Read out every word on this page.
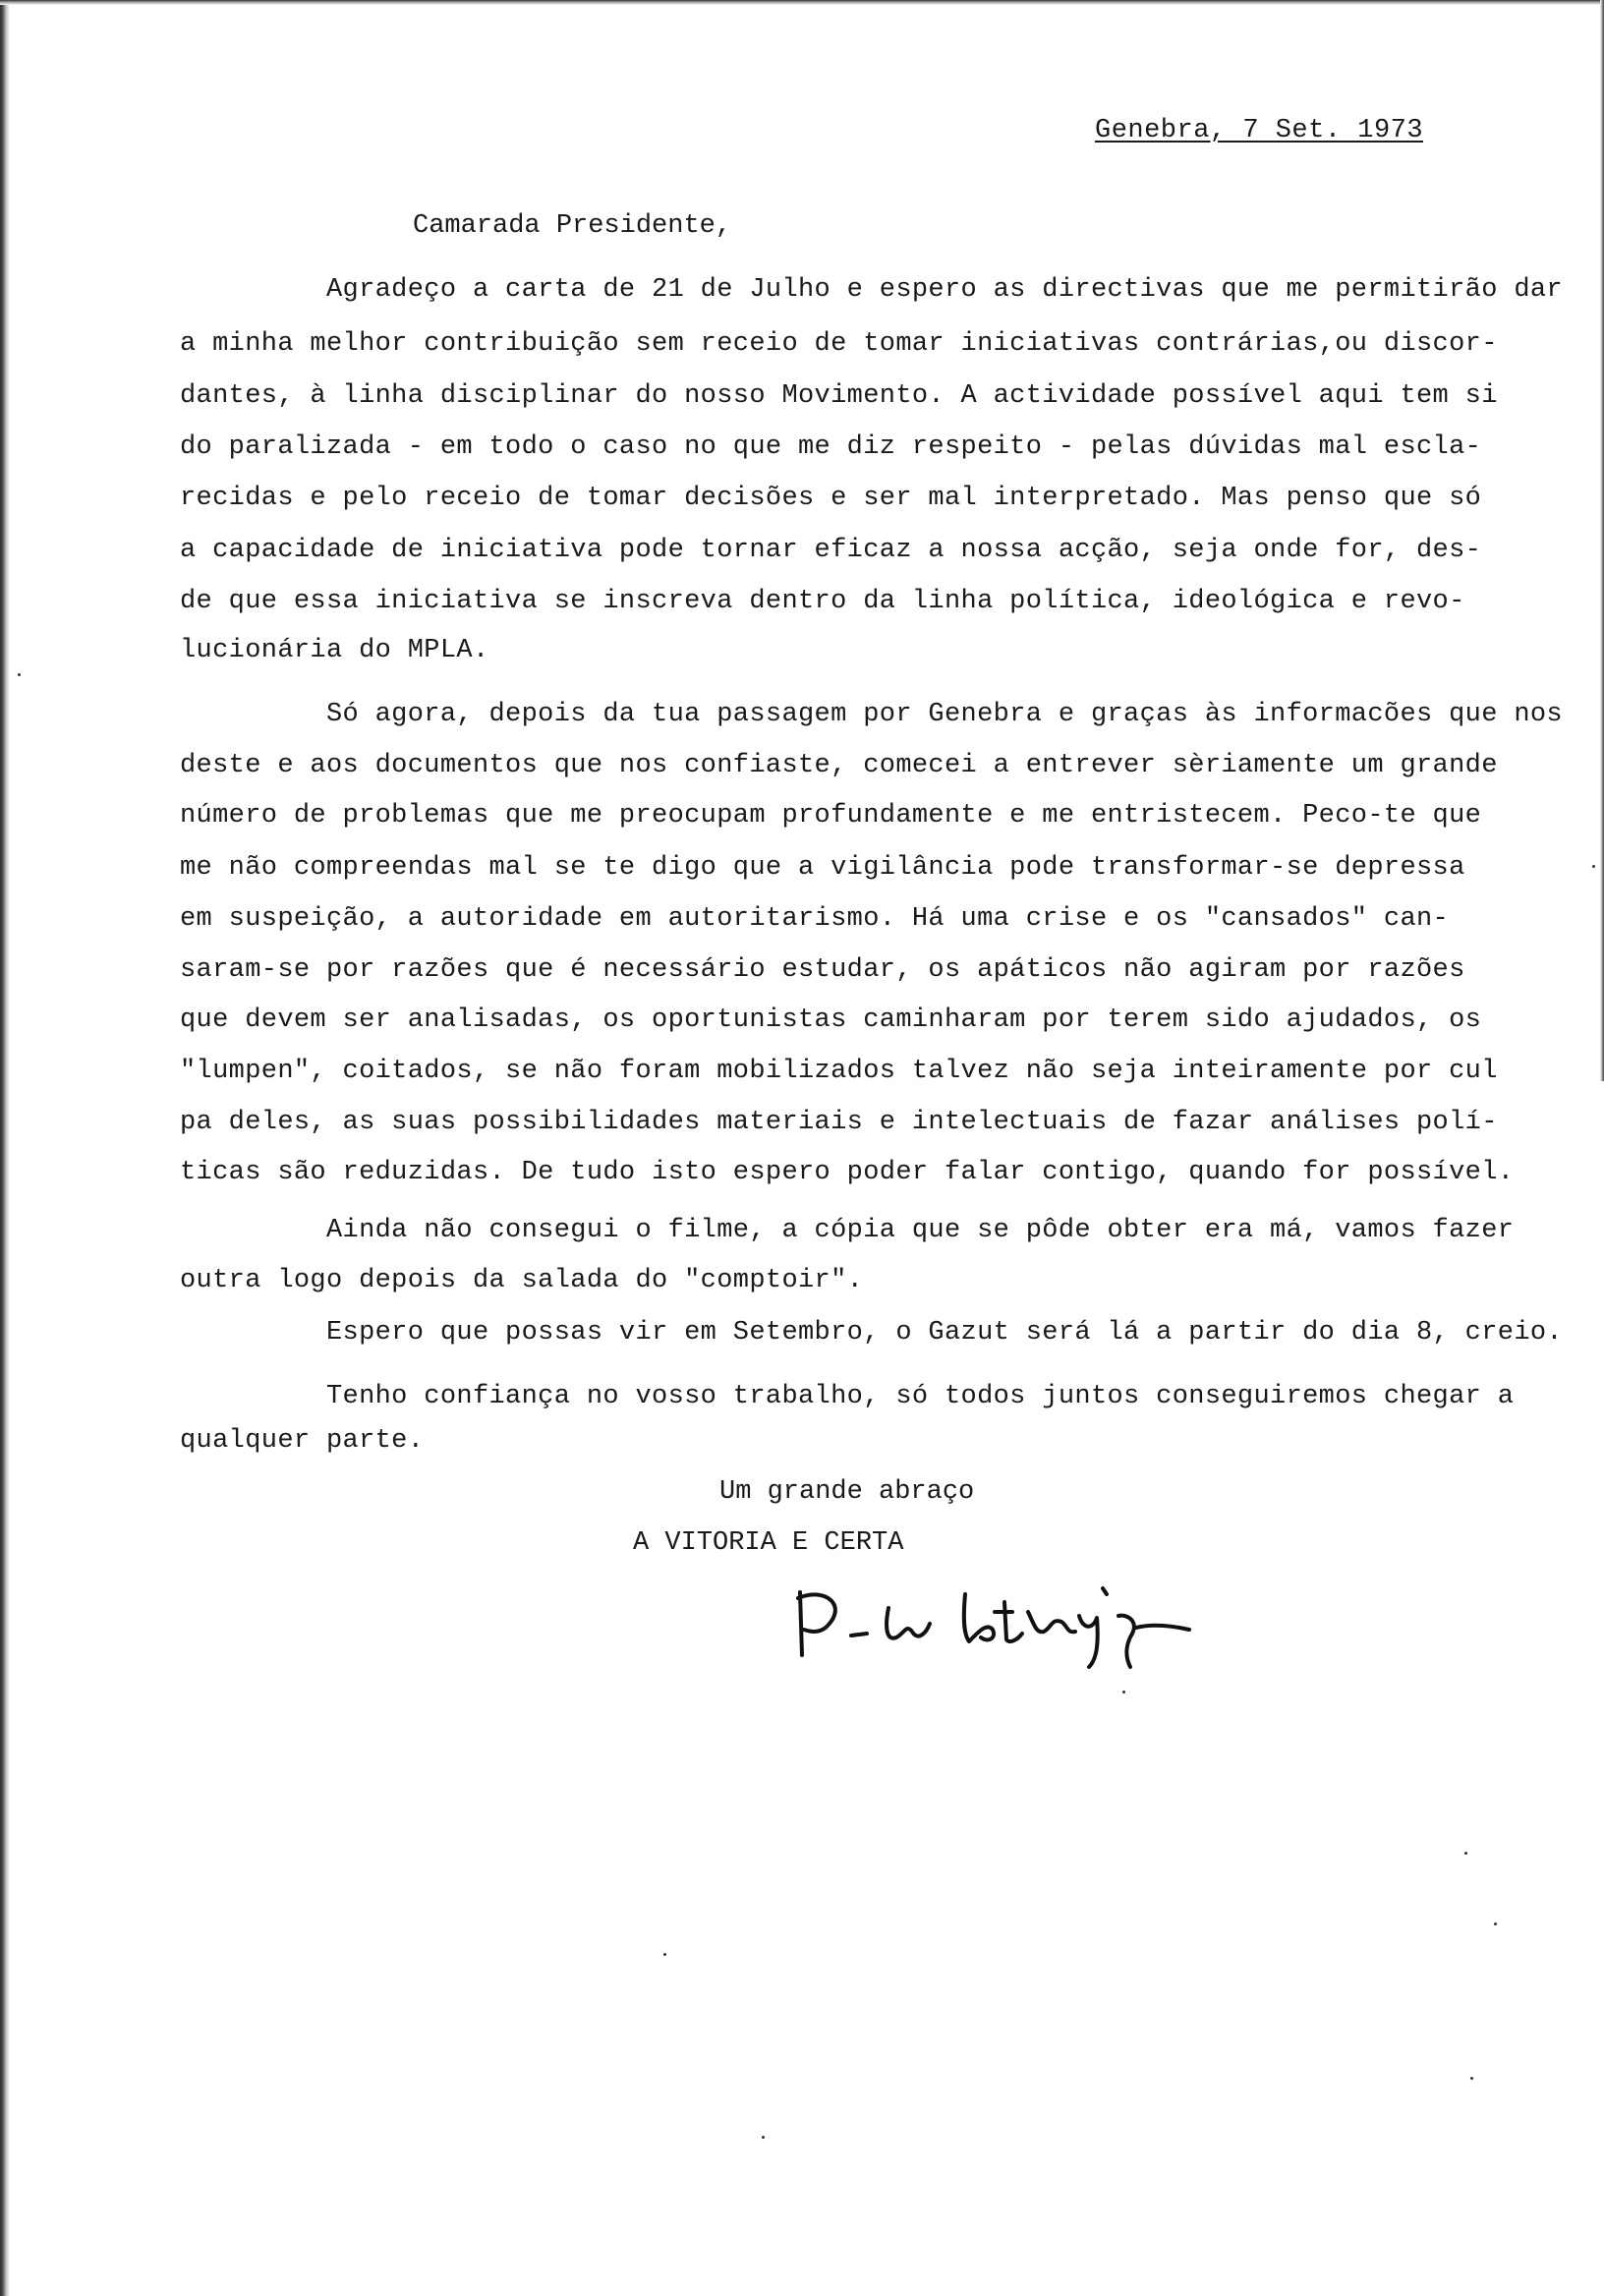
Genebra, 7 Set. 1973
Camarada Presidente,
Agradeço a carta de 21 de Julho e espero as directivas que me permitirão dar
a minha melhor contribuição sem receio de tomar iniciativas contrárias,ou discor-
dantes, à linha disciplinar do nosso Movimento. A actividade possível aqui tem si
do paralizada - em todo o caso no que me diz respeito - pelas dúvidas mal escla-
recidas e pelo receio de tomar decisões e ser mal interpretado. Mas penso que só
a capacidade de iniciativa pode tornar eficaz a nossa acção, seja onde for, des-
de que essa iniciativa se inscreva dentro da linha política, ideológica e revo-
lucionária do MPLA.
Só agora, depois da tua passagem por Genebra e graças às informacões que nos
deste e aos documentos que nos confiaste, comecei a entrever sèriamente um grande
número de problemas que me preocupam profundamente e me entristecem. Peco-te que
me não compreendas mal se te digo que a vigilância pode transformar-se depressa
em suspeição, a autoridade em autoritarismo. Há uma crise e os "cansados" can-
saram-se por razões que é necessário estudar, os apáticos não agiram por razões
que devem ser analisadas, os oportunistas caminharam por terem sido ajudados, os
"lumpen", coitados, se não foram mobilizados talvez não seja inteiramente por cul
pa deles, as suas possibilidades materiais e intelectuais de fazar análises polí-
ticas são reduzidas. De tudo isto espero poder falar contigo, quando for possível.
Ainda não consegui o filme, a cópia que se pôde obter era má, vamos fazer
outra logo depois da salada do "comptoir".
Espero que possas vir em Setembro, o Gazut será lá a partir do dia 8, creio.
Tenho confiança no vosso trabalho, só todos juntos conseguiremos chegar a
qualquer parte.
Um grande abraço
A VITORIA E CERTA
